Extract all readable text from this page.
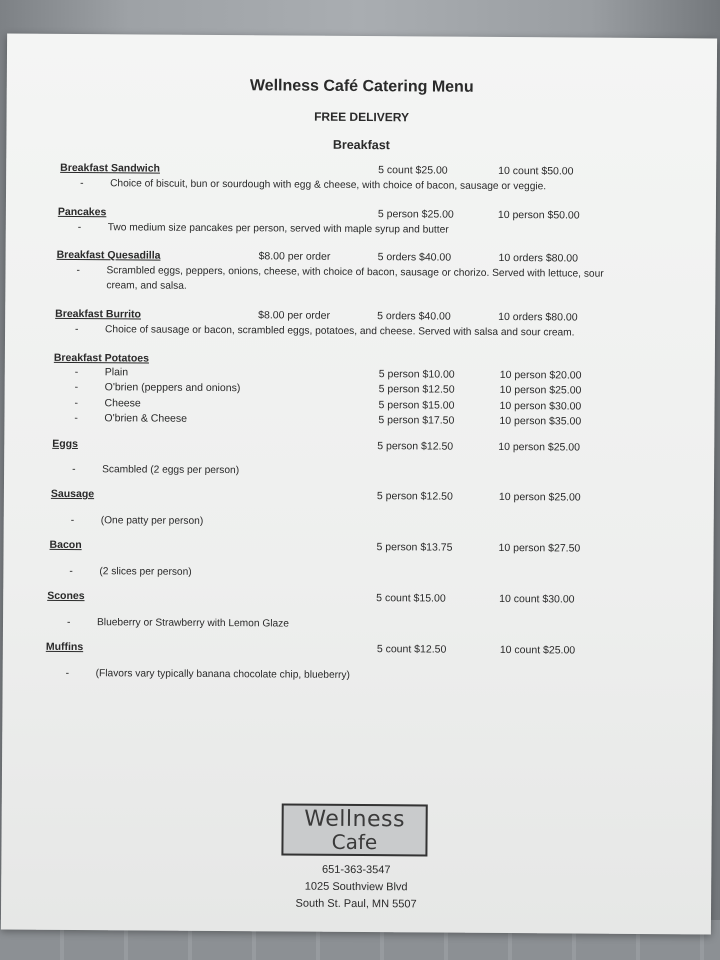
Wellness Café Catering Menu
FREE DELIVERY
Breakfast
Breakfast Sandwich	5 count $25.00	10 count $50.00
-	Choice of biscuit, bun or sourdough with egg & cheese, with choice of bacon, sausage or veggie.
Pancakes	5 person $25.00	10 person $50.00
-	Two medium size pancakes per person, served with maple syrup and butter
Breakfast Quesadilla	$8.00 per order	5 orders $40.00	10 orders $80.00
-	Scrambled eggs, peppers, onions, cheese, with choice of bacon, sausage or chorizo. Served with lettuce, sour
cream, and salsa.
Breakfast Burrito	$8.00 per order	5 orders $40.00	10 orders $80.00
-	Choice of sausage or bacon, scrambled eggs, potatoes, and cheese. Served with salsa and sour cream.
Breakfast Potatoes
-	Plain	5 person $10.00	10 person $20.00
-	O'brien (peppers and onions)	5 person $12.50	10 person $25.00
-	Cheese	5 person $15.00	10 person $30.00
-	O'brien & Cheese	5 person $17.50	10 person $35.00
Eggs	5 person $12.50	10 person $25.00
-	Scambled (2 eggs per person)
Sausage	5 person $12.50	10 person $25.00
-	(One patty per person)
Bacon	5 person $13.75	10 person $27.50
-	(2 slices per person)
Scones	5 count $15.00	10 count $30.00
-	Blueberry or Strawberry with Lemon Glaze
Muffins	5 count $12.50	10 count $25.00
-	(Flavors vary typically banana chocolate chip, blueberry)
Wellness
Cafe
651-363-3547
1025 Southview Blvd
South St. Paul, MN 5507
